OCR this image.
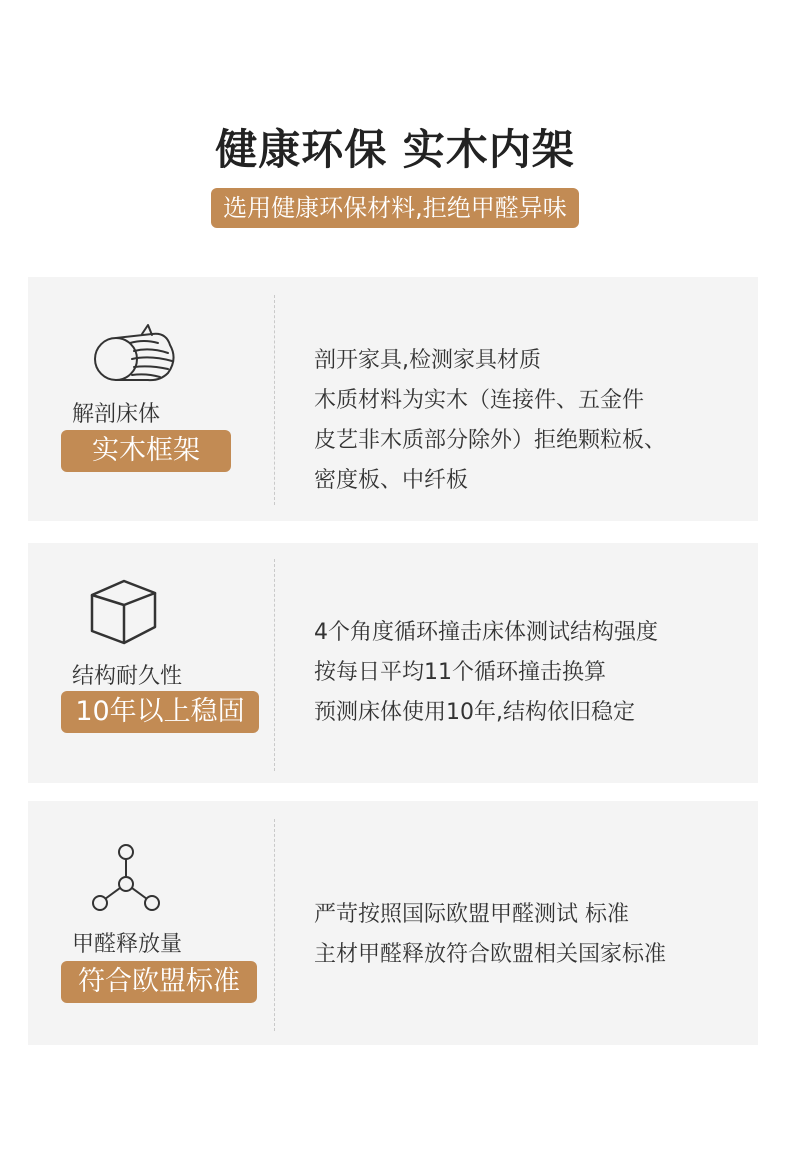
健康环保 实木内架
选用健康环保材料,拒绝甲醛异味
解剖床体
实木框架
剖开家具,检测家具材质
木质材料为实木（连接件、五金件
皮艺非木质部分除外）拒绝颗粒板、
密度板、中纤板
结构耐久性
10年以上稳固
4个角度循环撞击床体测试结构强度
按每日平均11个循环撞击换算
预测床体使用10年,结构依旧稳定
甲醛释放量
符合欧盟标准
严苛按照国际欧盟甲醛测试 标准
主材甲醛释放符合欧盟相关国家标准
